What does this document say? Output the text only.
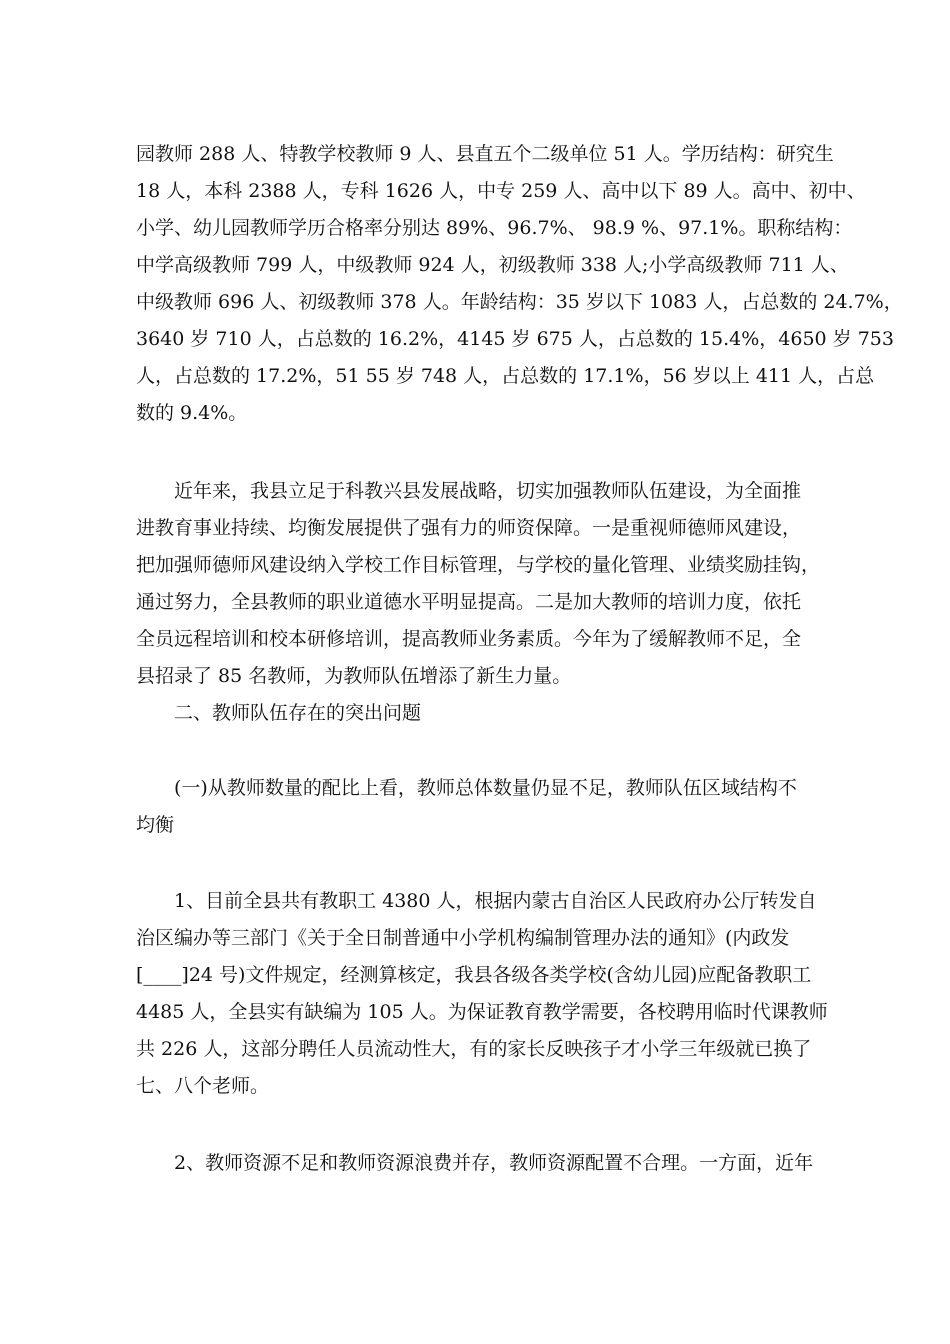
园教师 288 人、特教学校教师 9 人、县直五个二级单位 51 人。学历结构：研究生
18 人，本科 2388 人，专科 1626 人，中专 259 人、高中以下 89 人。高中、初中、
小学、幼儿园教师学历合格率分别达 89%、96.7%、 98.9 %、97.1%。职称结构：
中学高级教师 799 人，中级教师 924 人，初级教师 338 人;小学高级教师 711 人、
中级教师 696 人、初级教师 378 人。年龄结构：35 岁以下 1083 人，占总数的 24.7%，
3640 岁 710 人，占总数的 16.2%，4145 岁 675 人，占总数的 15.4%，4650 岁 753
人，占总数的 17.2%，51 55 岁 748 人，占总数的 17.1%，56 岁以上 411 人，占总
数的 9.4%。
近年来，我县立足于科教兴县发展战略，切实加强教师队伍建设，为全面推
进教育事业持续、均衡发展提供了强有力的师资保障。一是重视师德师风建设，
把加强师德师风建设纳入学校工作目标管理，与学校的量化管理、业绩奖励挂钩，
通过努力，全县教师的职业道德水平明显提高。二是加大教师的培训力度，依托
全员远程培训和校本研修培训，提高教师业务素质。今年为了缓解教师不足，全
县招录了 85 名教师，为教师队伍增添了新生力量。
二、教师队伍存在的突出问题
(一)从教师数量的配比上看，教师总体数量仍显不足，教师队伍区域结构不
均衡
1、目前全县共有教职工 4380 人，根据内蒙古自治区人民政府办公厅转发自
治区编办等三部门《关于全日制普通中小学机构编制管理办法的通知》(内政发
[____]24 号)文件规定，经测算核定，我县各级各类学校(含幼儿园)应配备教职工
4485 人，全县实有缺编为 105 人。为保证教育教学需要，各校聘用临时代课教师
共 226 人，这部分聘任人员流动性大，有的家长反映孩子才小学三年级就已换了
七、八个老师。
2、教师资源不足和教师资源浪费并存，教师资源配置不合理。一方面，近年
